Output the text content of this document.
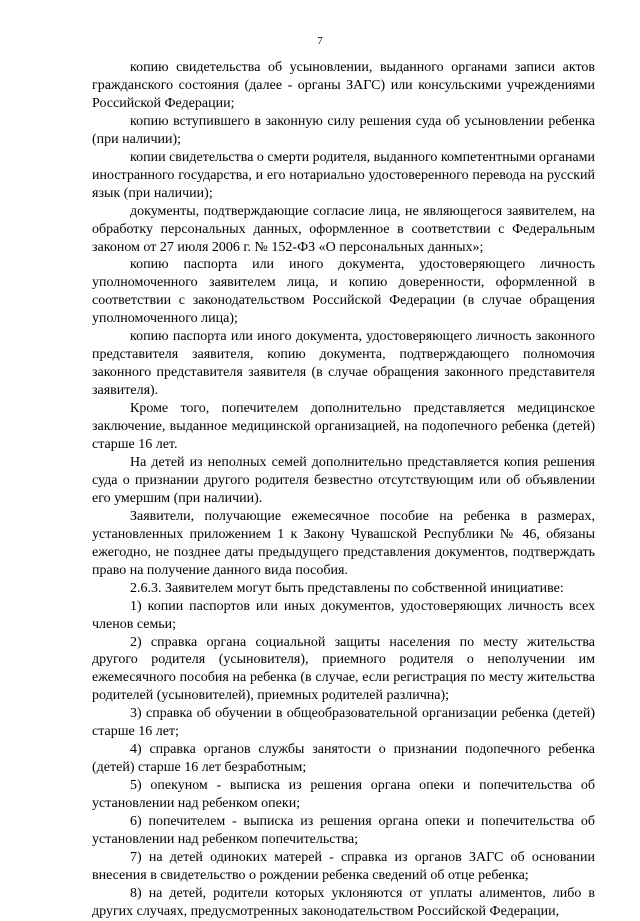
7

копию свидетельства об усыновлении, выданного органами записи актов гражданского состояния (далее - органы ЗАГС) или консульскими учреждениями Российской Федерации;

копию вступившего в законную силу решения суда об усыновлении ребенка (при наличии);

копии свидетельства о смерти родителя, выданного компетентными органами иностранного государства, и его нотариально удостоверенного перевода на русский язык (при наличии);

документы, подтверждающие согласие лица, не являющегося заявителем, на обработку персональных данных, оформленное в соответствии с Федеральным законом от 27 июля 2006 г. № 152-ФЗ «О персональных данных»;

копию паспорта или иного документа, удостоверяющего личность уполномоченного заявителем лица, и копию доверенности, оформленной в соответствии с законодательством Российской Федерации (в случае обращения уполномоченного лица);

копию паспорта или иного документа, удостоверяющего личность законного представителя заявителя, копию документа, подтверждающего полномочия законного представителя заявителя (в случае обращения законного представителя заявителя).

Кроме того, попечителем дополнительно представляется медицинское заключение, выданное медицинской организацией, на подопечного ребенка (детей) старше 16 лет.

На детей из неполных семей дополнительно представляется копия решения суда о признании другого родителя безвестно отсутствующим или об объявлении его умершим (при наличии).

Заявители, получающие ежемесячное пособие на ребенка в размерах, установленных приложением 1 к Закону Чувашской Республики № 46, обязаны ежегодно, не позднее даты предыдущего представления документов, подтверждать право на получение данного вида пособия.

2.6.3. Заявителем могут быть представлены по собственной инициативе:

1) копии паспортов или иных документов, удостоверяющих личность всех членов семьи;

2) справка органа социальной защиты населения по месту жительства другого родителя (усыновителя), приемного родителя о неполучении им ежемесячного пособия на ребенка (в случае, если регистрация по месту жительства родителей (усыновителей), приемных родителей различна);

3) справка об обучении в общеобразовательной организации ребенка (детей) старше 16 лет;

4) справка органов службы занятости о признании подопечного ребенка (детей) старше 16 лет безработным;

5) опекуном - выписка из решения органа опеки и попечительства об установлении над ребенком опеки;

6) попечителем - выписка из решения органа опеки и попечительства об установлении над ребенком попечительства;

7) на детей одиноких матерей - справка из органов ЗАГС об основании внесения в свидетельство о рождении ребенка сведений об отце ребенка;

8) на детей, родители которых уклоняются от уплаты алиментов, либо в других случаях, предусмотренных законодательством Российской Федерации,
